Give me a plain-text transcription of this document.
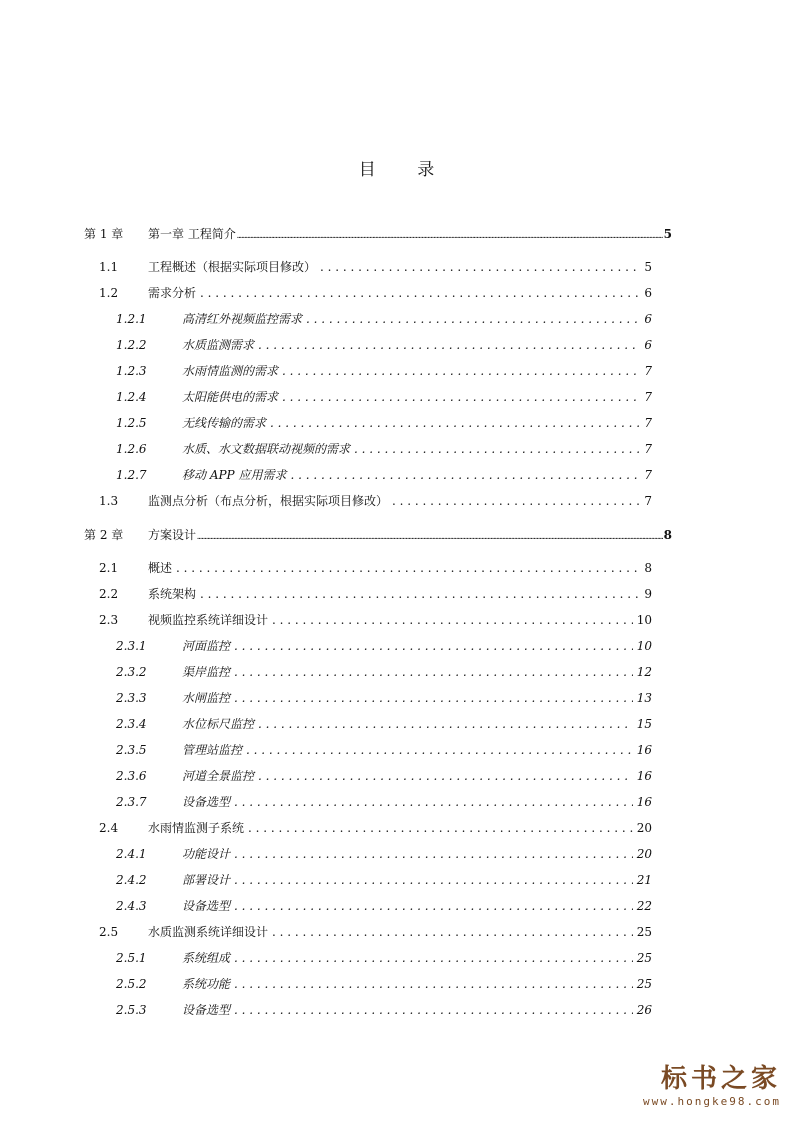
目 录
第 1 章	第一章 工程简介 .....	5
1.1	工程概述（根据实际项目修改） . . .	5
1.2	需求分析 . . .	6
1.2.1	高清红外视频监控需求 . . .	6
1.2.2	水质监测需求 . . .	6
1.2.3	水雨情监测的需求 . . .	7
1.2.4	太阳能供电的需求 . . .	7
1.2.5	无线传输的需求 . . .	7
1.2.6	水质、水文数据联动视频的需求 . . .	7
1.2.7	移动 APP 应用需求 . . .	7
1.3	监测点分析（布点分析，根据实际项目修改） . . .	7
第 2 章	方案设计 .....	8
2.1	概述 . . .	8
2.2	系统架构 . . .	9
2.3	视频监控系统详细设计 . . .	10
2.3.1	河面监控 . . .	10
2.3.2	渠岸监控 . . .	12
2.3.3	水闸监控 . . .	13
2.3.4	水位标尺监控 . . .	15
2.3.5	管理站监控 . . .	16
2.3.6	河道全景监控 . . .	16
2.3.7	设备选型 . . .	16
2.4	水雨情监测子系统 . . .	20
2.4.1	功能设计 . . .	20
2.4.2	部署设计 . . .	21
2.4.3	设备选型 . . .	22
2.5	水质监测系统详细设计 . . .	25
2.5.1	系统组成 . . .	25
2.5.2	系统功能 . . .	25
2.5.3	设备选型 . . .	26
标书之家
www.hongke98.com
